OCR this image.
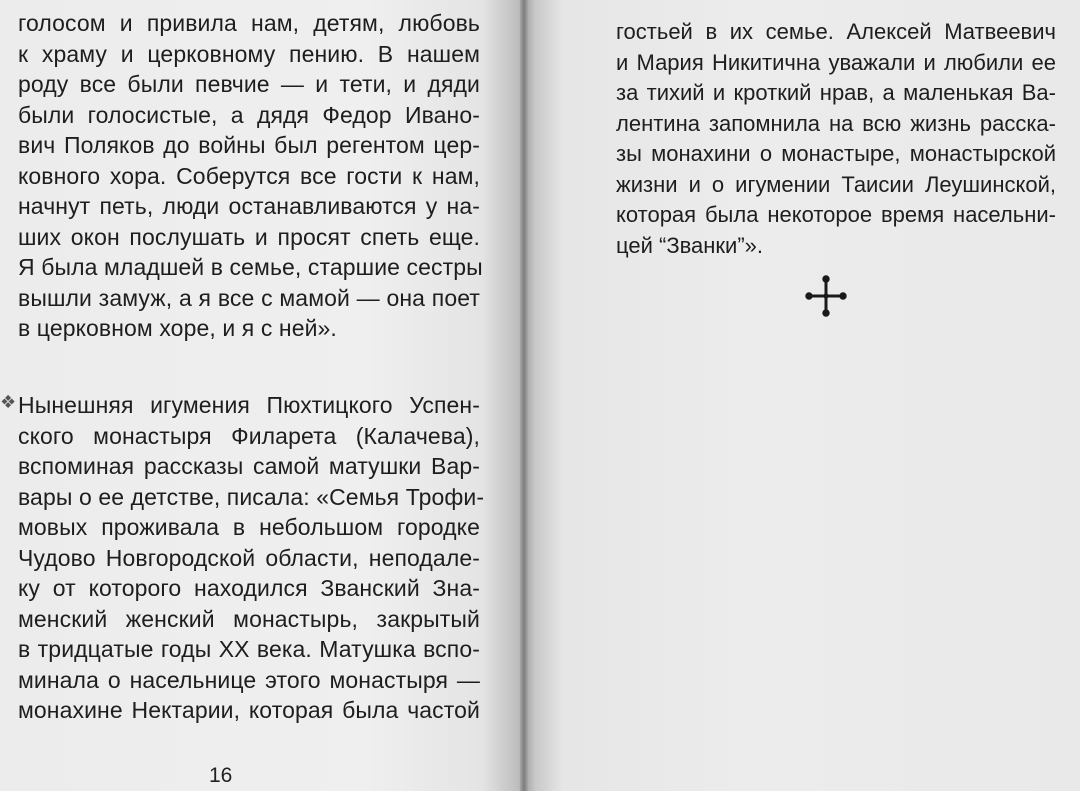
голосом и привила нам, детям, любовь
к храму и церковному пению. В нашем
роду все были певчие — и тети, и дяди
были голосистые, а дядя Федор Ивано-
вич Поляков до войны был регентом цер-
ковного хора. Соберутся все гости к нам,
начнут петь, люди останавливаются у на-
ших окон послушать и просят спеть еще.
Я была младшей в семье, старшие сестры
вышли замуж, а я все с мамой — она поет
в церковном хоре, и я с ней».
❖ Нынешняя игумения Пюхтицкого Успен-
ского монастыря Филарета (Калачева),
вспоминая рассказы самой матушки Вар-
вары о ее детстве, писала: «Семья Трофи-
мовых проживала в небольшом городке
Чудово Новгородской области, неподале-
ку от которого находился Званский Зна-
менский женский монастырь, закрытый
в тридцатые годы XX века. Матушка вспо-
минала о насельнице этого монастыря —
монахине Нектарии, которая была частой
16
гостьей в их семье. Алексей Матвеевич
и Мария Никитична уважали и любили ее
за тихий и кроткий нрав, а маленькая Ва-
лентина запомнила на всю жизнь расска-
зы монахини о монастыре, монастырской
жизни и о игумении Таисии Леушинской,
которая была некоторое время насельни-
цей “Званки”».
